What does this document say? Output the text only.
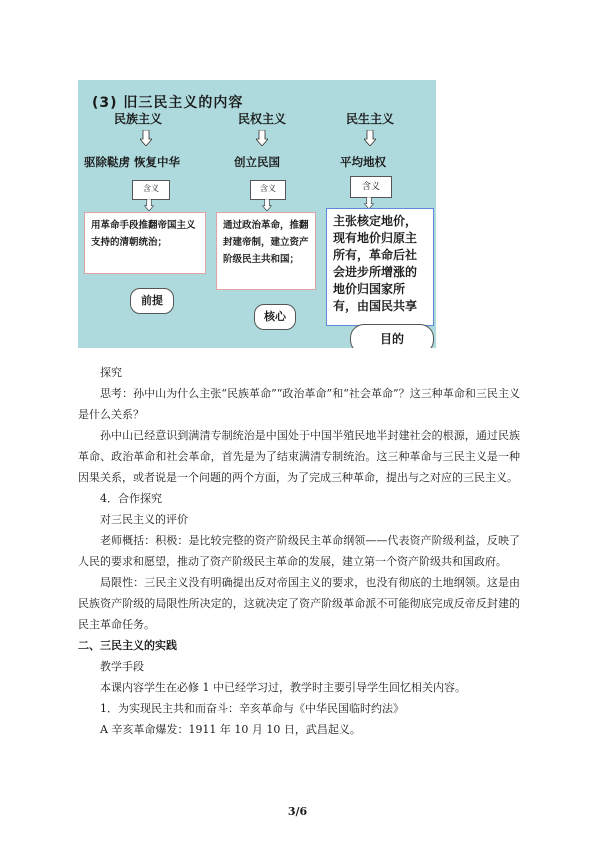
(3) 旧三民主义的内容
民族主义
驱除鞑虏 恢复中华
含义
用革命手段推翻帝国主义支持的清朝统治；
前提
民权主义
创立民国
含义
通过政治革命，推翻封建帝制，建立资产阶级民主共和国；
核心
民生主义
平均地权
含义
主张核定地价，现有地价归原主所有，革命后社会进步所增涨的地价归国家所有，由国民共享
目的

探究

思考：孙中山为什么主张“民族革命”“政治革命”和“社会革命”？这三种革命和三民主义是什么关系？

孙中山已经意识到满清专制统治是中国处于中国半殖民地半封建社会的根源，通过民族革命、政治革命和社会革命，首先是为了结束满清专制统治。这三种革命与三民主义是一种因果关系，或者说是一个问题的两个方面，为了完成三种革命，提出与之对应的三民主义。

4．合作探究

对三民主义的评价

老师概括：积极：是比较完整的资产阶级民主革命纲领——代表资产阶级利益，反映了人民的要求和愿望，推动了资产阶级民主革命的发展，建立第一个资产阶级共和国政府。

局限性：三民主义没有明确提出反对帝国主义的要求，也没有彻底的土地纲领。这是由民族资产阶级的局限性所决定的，这就决定了资产阶级革命派不可能彻底完成反帝反封建的民主革命任务。

二、三民主义的实践

教学手段

本课内容学生在必修 1 中已经学习过，教学时主要引导学生回忆相关内容。

1．为实现民主共和而奋斗：辛亥革命与《中华民国临时约法》

A 辛亥革命爆发：1911 年 10 月 10 日，武昌起义。

3/6
